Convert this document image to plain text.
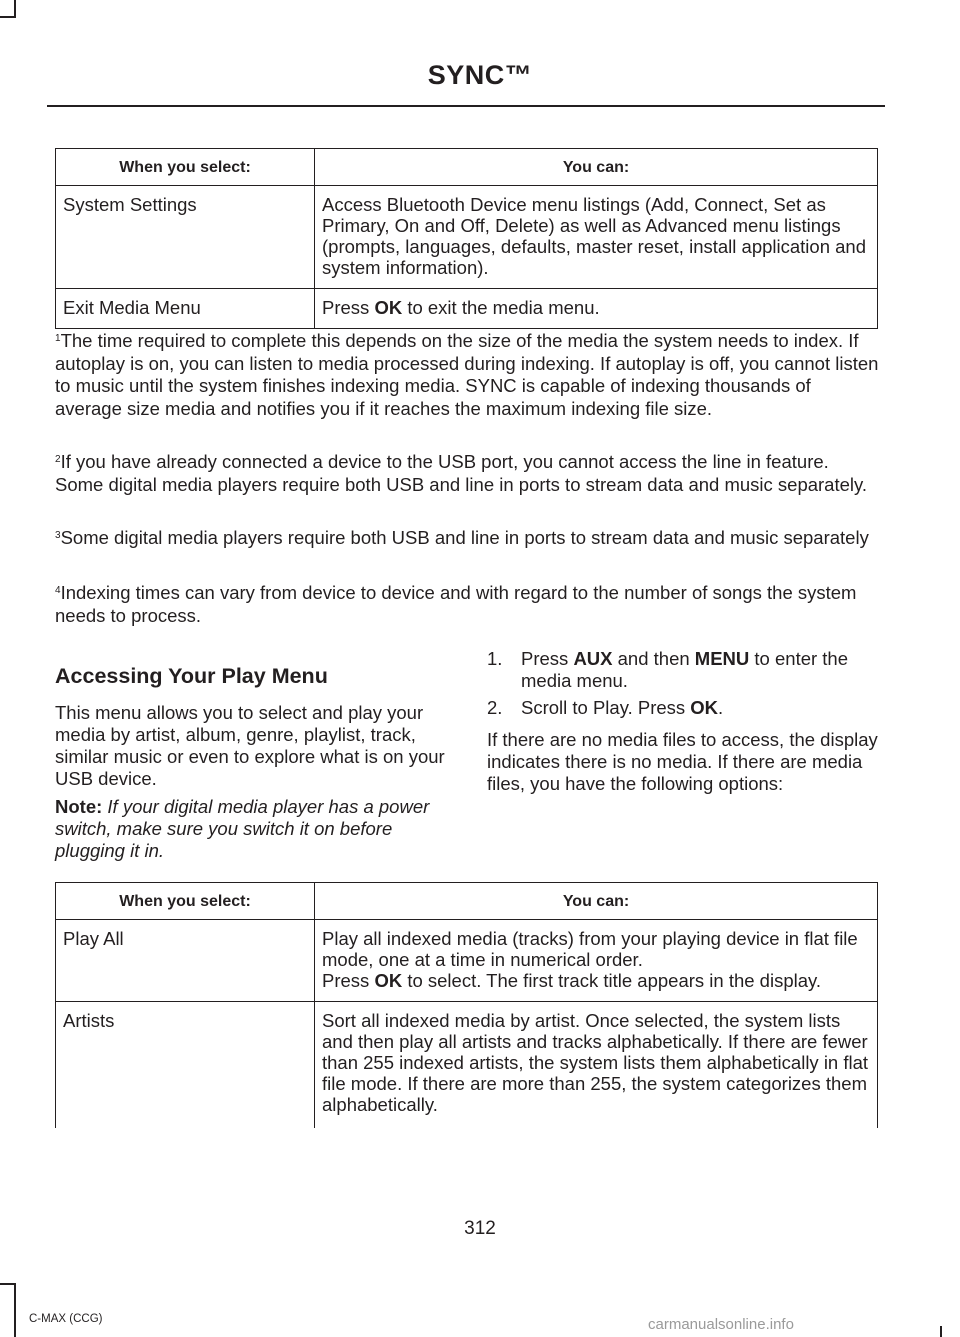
SYNC™
When you select:	You can:
System Settings	Access Bluetooth Device menu listings (Add, Connect, Set as Primary, On and Off, Delete) as well as Advanced menu listings (prompts, languages, defaults, master reset, install application and system information).
Exit Media Menu	Press OK to exit the media menu.
$^1$The time required to complete this depends on the size of the media the system needs to index. If autoplay is on, you can listen to media processed during indexing. If autoplay is off, you cannot listen to music until the system finishes indexing media. SYNC is capable of indexing thousands of average size media and notifies you if it reaches the maximum indexing file size.
$^2$If you have already connected a device to the USB port, you cannot access the line in feature. Some digital media players require both USB and line in ports to stream data and music separately.
$^3$Some digital media players require both USB and line in ports to stream data and music separately
$^4$Indexing times can vary from device to device and with regard to the number of songs the system needs to process.
Accessing Your Play Menu
This menu allows you to select and play your media by artist, album, genre, playlist, track, similar music or even to explore what is on your USB device.
Note: If your digital media player has a power switch, make sure you switch it on before plugging it in.
1. Press AUX and then MENU to enter the media menu.
2. Scroll to Play. Press OK.
If there are no media files to access, the display indicates there is no media. If there are media files, you have the following options:
When you select:	You can:
Play All	Play all indexed media (tracks) from your playing device in flat file mode, one at a time in numerical order.
Press OK to select. The first track title appears in the display.
Artists	Sort all indexed media by artist. Once selected, the system lists and then play all artists and tracks alphabetically. If there are fewer than 255 indexed artists, the system lists them alphabetically in flat file mode. If there are more than 255, the system categorizes them alphabetically.
312
C-MAX (CCG)	carmanualsonline.info
